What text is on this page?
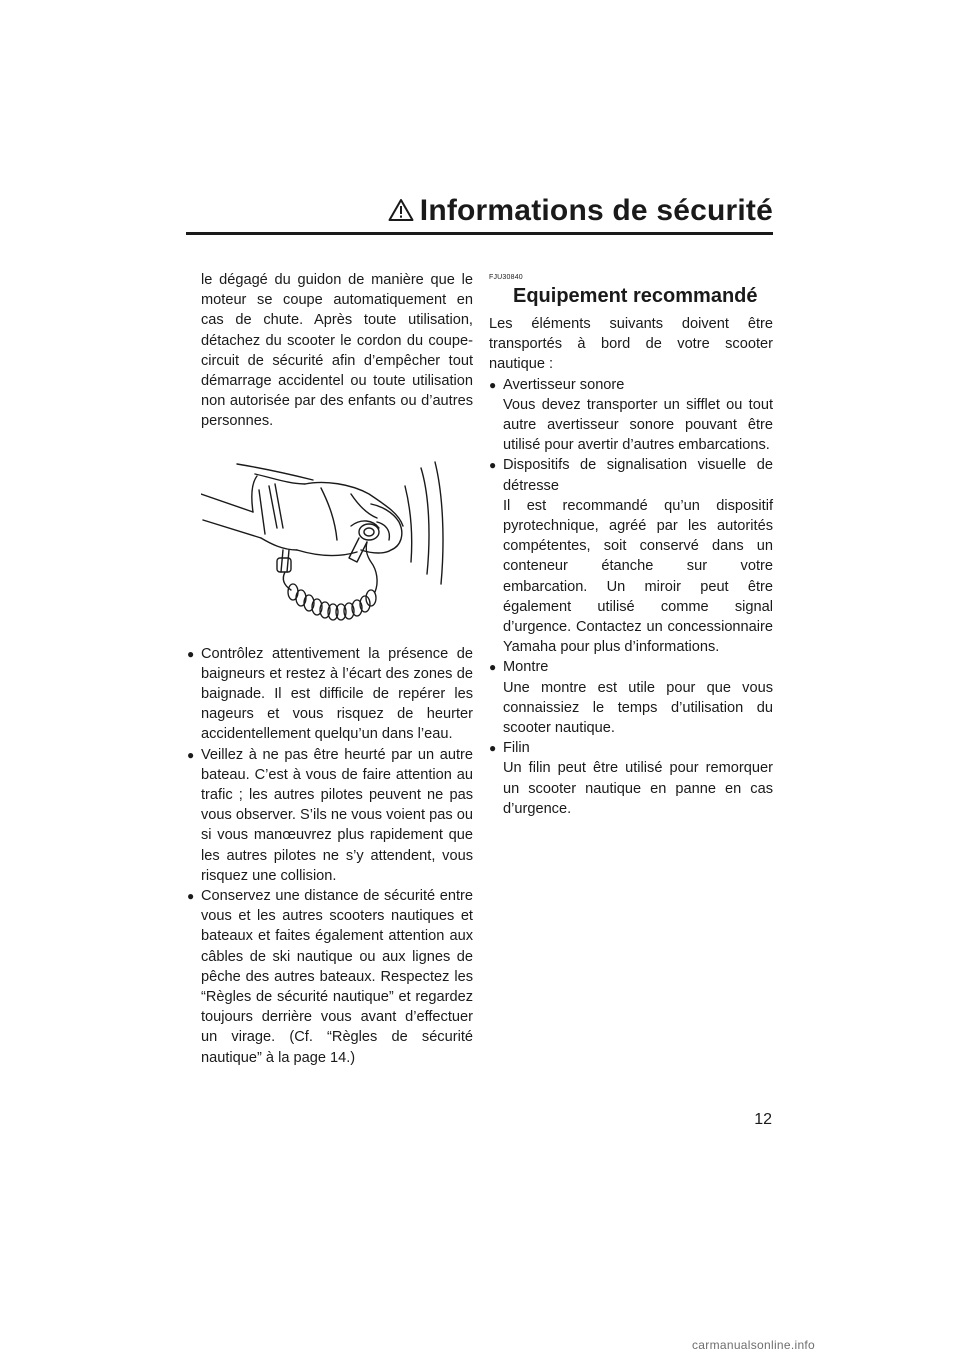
Informations de sécurité

le dégagé du guidon de manière que le moteur se coupe automatiquement en cas de chute. Après toute utilisation, détachez du scooter le cordon du coupe-circuit de sécurité afin d’empêcher tout démarrage accidentel ou toute utilisation non autorisée par des enfants ou d’autres personnes.

● Contrôlez attentivement la présence de baigneurs et restez à l’écart des zones de baignade. Il est difficile de repérer les nageurs et vous risquez de heurter accidentellement quelqu’un dans l’eau.
● Veillez à ne pas être heurté par un autre bateau. C’est à vous de faire attention au trafic ; les autres pilotes peuvent ne pas vous observer. S’ils ne vous voient pas ou si vous manœuvrez plus rapidement que les autres pilotes ne s’y attendent, vous risquez une collision.
● Conservez une distance de sécurité entre vous et les autres scooters nautiques et bateaux et faites également attention aux câbles de ski nautique ou aux lignes de pêche des autres bateaux. Respectez les “Règles de sécurité nautique” et regardez toujours derrière vous avant d’effectuer un virage. (Cf. “Règles de sécurité nautique” à la page 14.)

FJU30840

Equipement recommandé

Les éléments suivants doivent être transportés à bord de votre scooter nautique :

● Avertisseur sonore

Vous devez transporter un sifflet ou tout autre avertisseur sonore pouvant être utilisé pour avertir d’autres embarcations.

● Dispositifs de signalisation visuelle de détresse

Il est recommandé qu’un dispositif pyrotechnique, agréé par les autorités compétentes, soit conservé dans un conteneur étanche sur votre embarcation. Un miroir peut être également utilisé comme signal d’urgence. Contactez un concessionnaire Yamaha pour plus d’informations.

● Montre

Une montre est utile pour que vous connaissiez le temps d’utilisation du scooter nautique.

● Filin

Un filin peut être utilisé pour remorquer un scooter nautique en panne en cas d’urgence.

12
carmanualsonline.info
